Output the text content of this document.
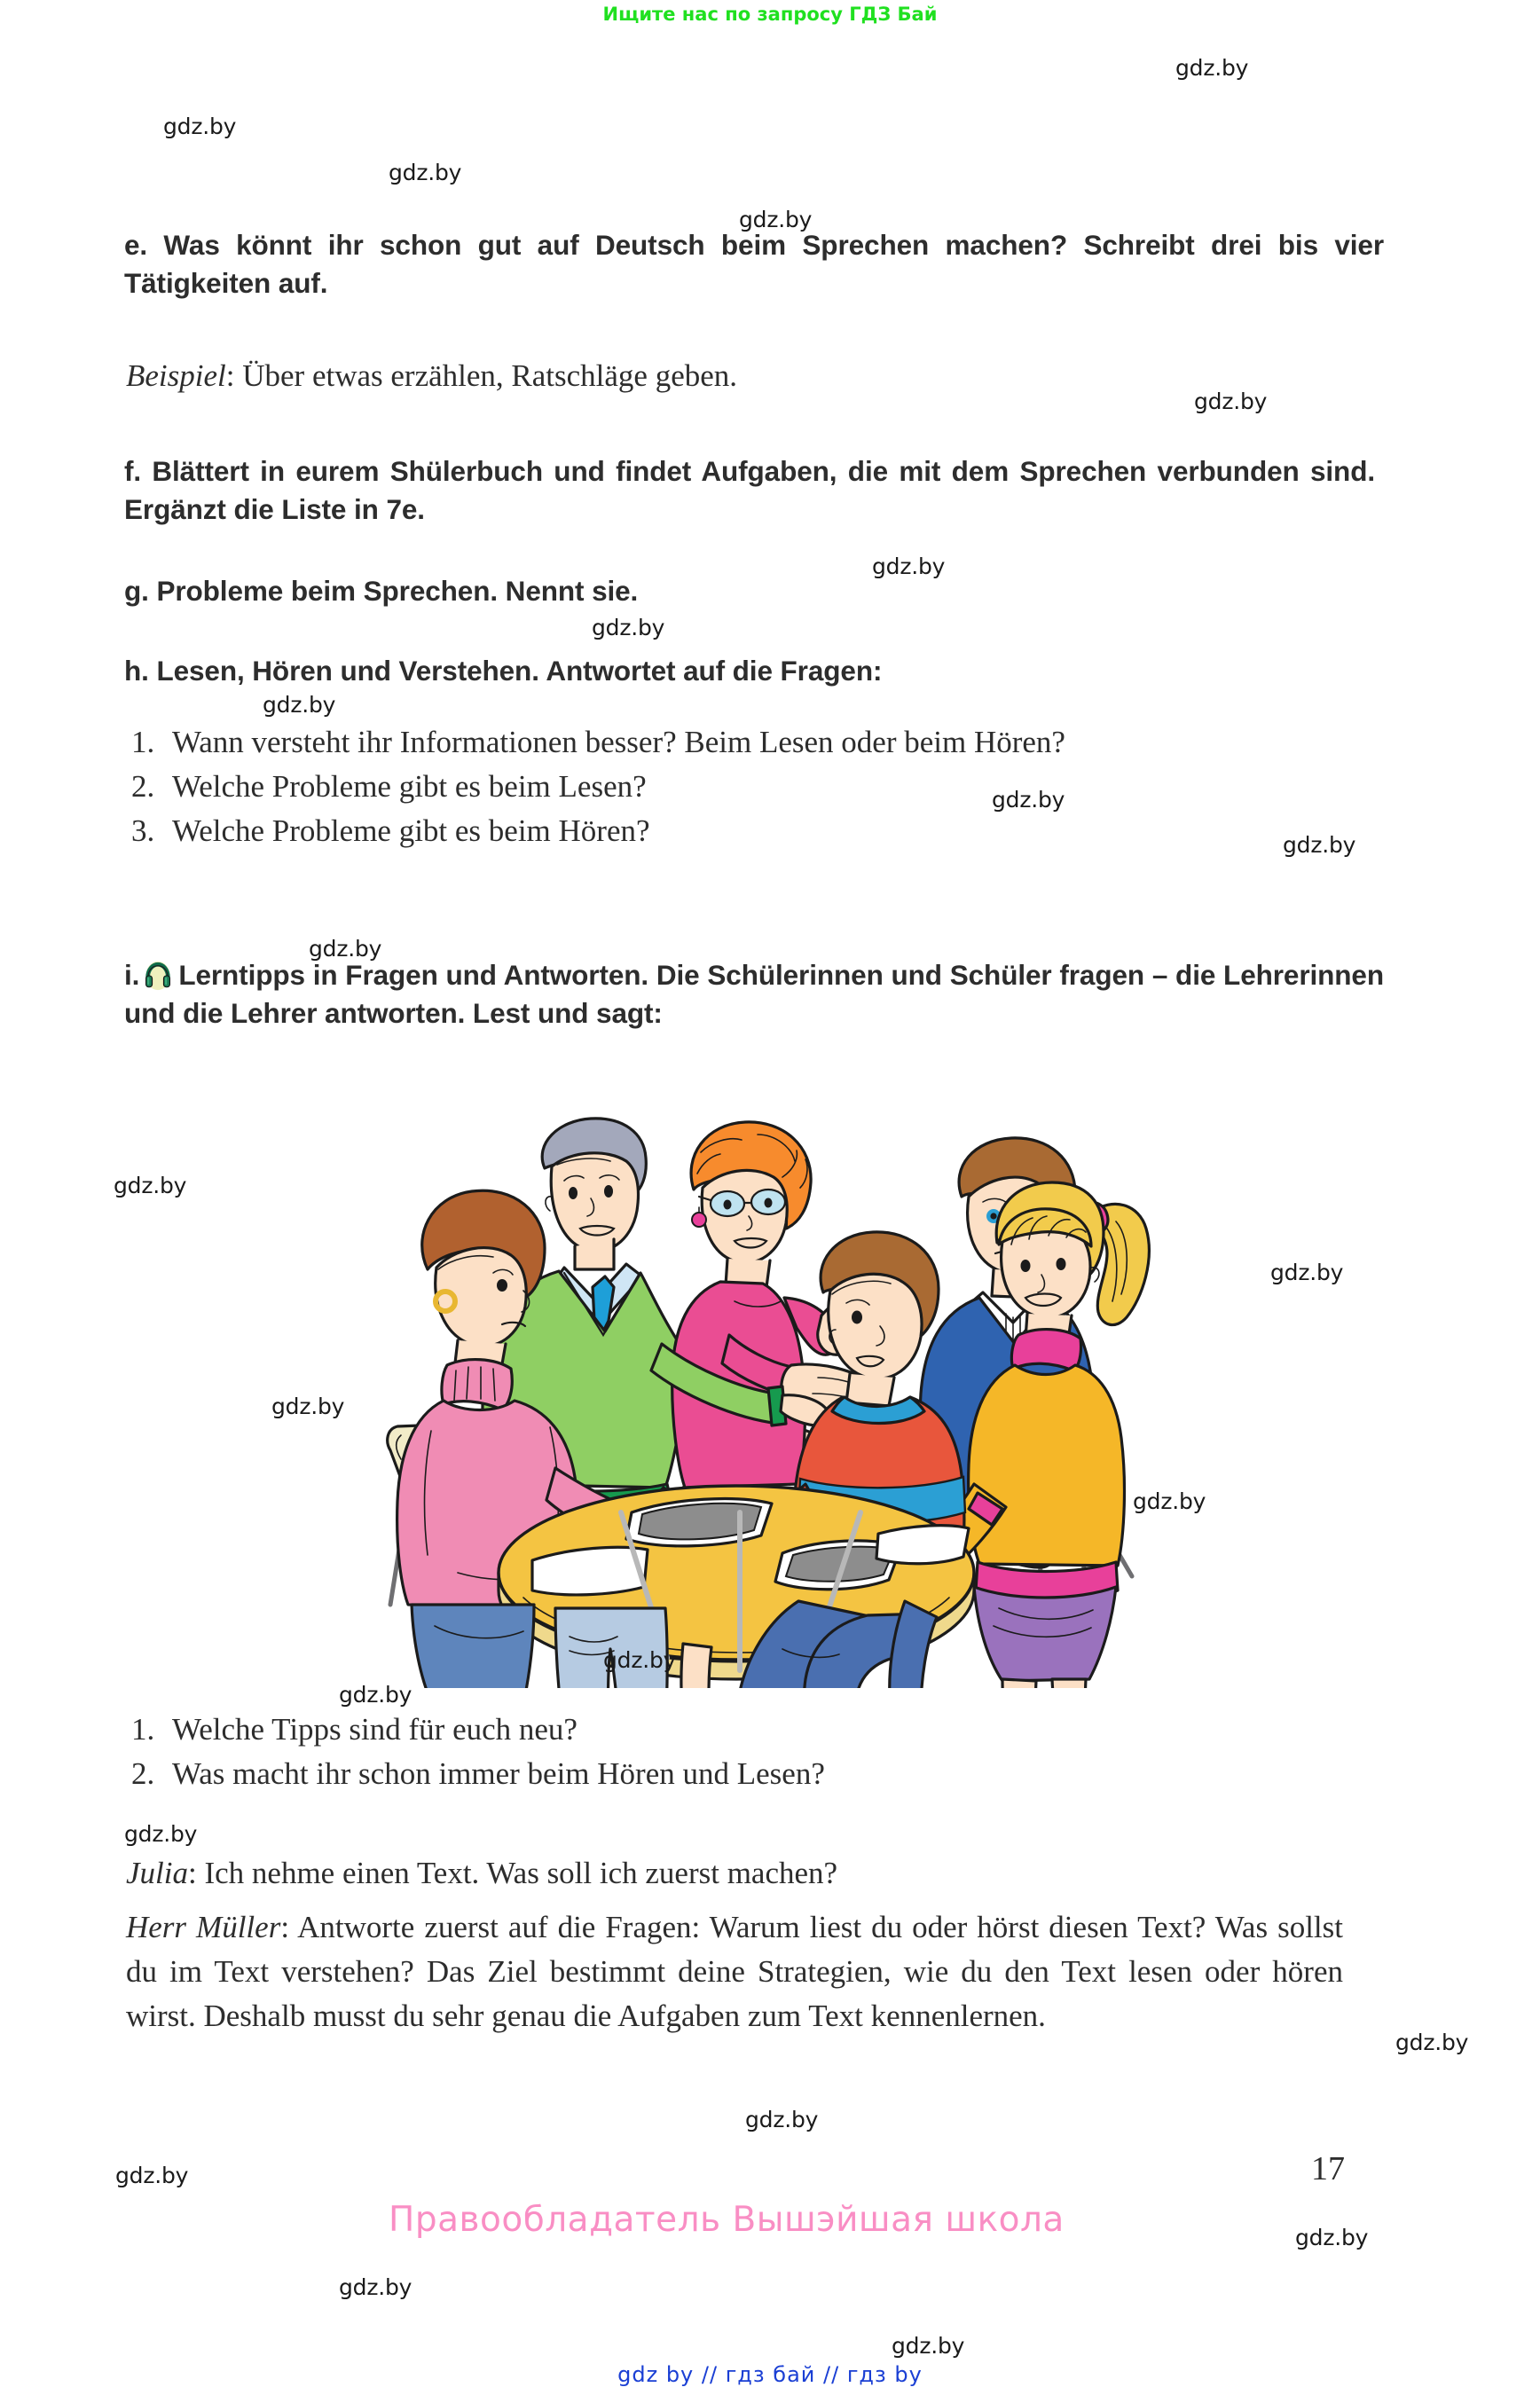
Ищите нас по запросу ГДЗ Бай
e. Was könnt ihr schon gut auf Deutsch beim Sprechen machen? Schreibt drei bis vier Tätigkeiten auf.
Beispiel: Über etwas erzählen, Ratschläge geben.
f. Blättert in eurem Shülerbuch und findet Aufgaben, die mit dem Sprechen verbunden sind. Ergänzt die Liste in 7e.
g. Probleme beim Sprechen. Nennt sie.
h. Lesen, Hören und Verstehen. Antwortet auf die Fragen:
1. Wann versteht ihr Informationen besser? Beim Lesen oder beim Hören?
2. Welche Probleme gibt es beim Lesen?
3. Welche Probleme gibt es beim Hören?
i. Lerntipps in Fragen und Antworten. Die Schülerinnen und Schüler fragen – die Lehrerinnen und die Lehrer antworten. Lest und sagt:
1. Welche Tipps sind für euch neu?
2. Was macht ihr schon immer beim Hören und Lesen?
Julia: Ich nehme einen Text. Was soll ich zuerst machen?
Herr Müller: Antworte zuerst auf die Fragen: Warum liest du oder hörst diesen Text? Was sollst du im Text verstehen? Das Ziel bestimmt deine Strategien, wie du den Text lesen oder hören wirst. Deshalb musst du sehr genau die Aufgaben zum Text kennenlernen.
17
Правообладатель Вышэйшая школа
gdz.by
gdz.by
gdz.by
gdz.by
gdz.by
gdz.by
gdz.by
gdz.by
gdz.by
gdz.by
gdz.by
gdz.by
gdz.by
gdz.by
gdz.by
gdz.by
gdz.by
gdz.by
gdz.by
gdz.by
gdz.by
gdz.by
gdz.by
gdz.by
gdz by // гдз бай // гдз by
